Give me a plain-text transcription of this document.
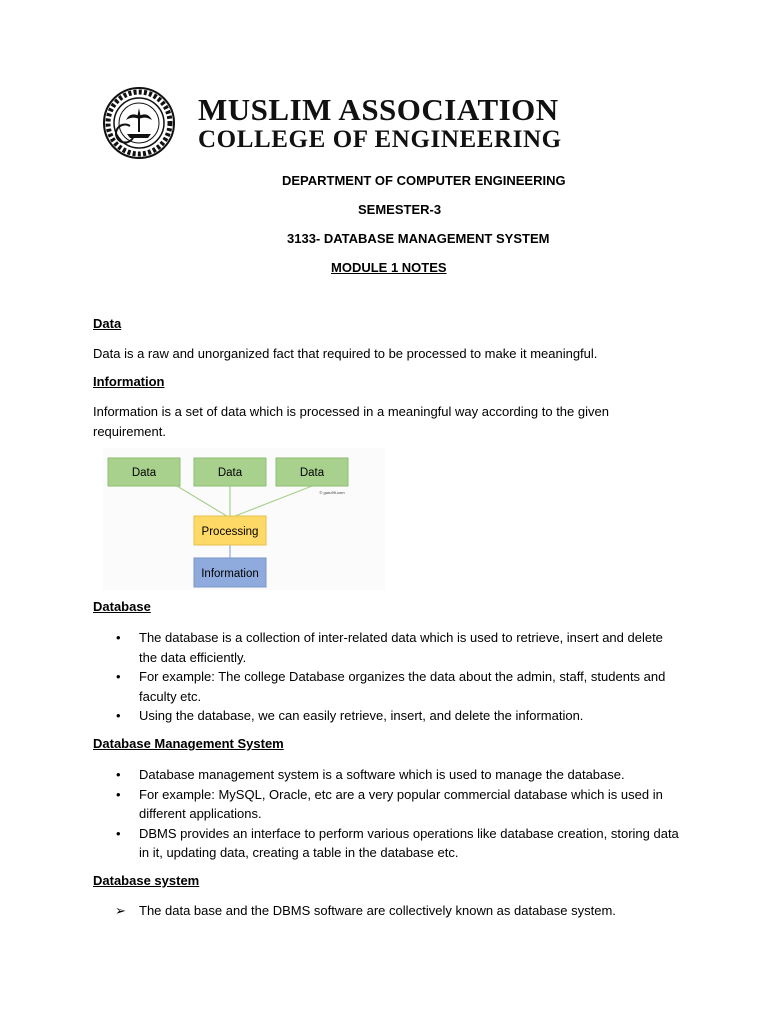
MUSLIM ASSOCIATION
COLLEGE OF ENGINEERING
DEPARTMENT OF COMPUTER ENGINEERING
SEMESTER-3
3133- DATABASE MANAGEMENT SYSTEM
MODULE 1 NOTES
Data
Data is a raw and unorganized fact that required to be processed to make it meaningful.
Information
Information is a set of data which is processed in a meaningful way according to the given requirement.
Data	Data	Data
© guru99.com
Processing
Information
Database
• The database is a collection of inter-related data which is used to retrieve, insert and delete the data efficiently.
• For example: The college Database organizes the data about the admin, staff, students and faculty etc.
• Using the database, we can easily retrieve, insert, and delete the information.
Database Management System
• Database management system is a software which is used to manage the database.
• For example: MySQL, Oracle, etc are a very popular commercial database which is used in different applications.
• DBMS provides an interface to perform various operations like database creation, storing data in it, updating data, creating a table in the database etc.
Database system
➢ The data base and the DBMS software are collectively known as database system.
